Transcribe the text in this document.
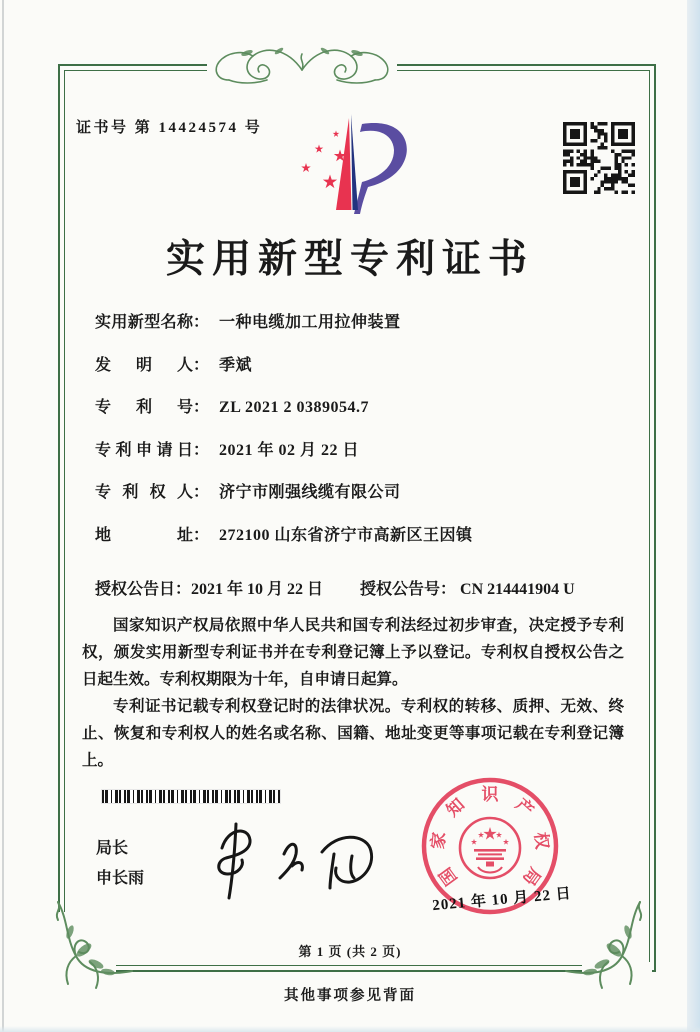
证书号 第 14424574 号
实用新型专利证书
实用新型名称 ： 一种电缆加工用拉伸装置
发明人 ： 季斌
专利号 ： ZL 2021 2 0389054.7
专利申请日 ： 2021 年 02 月 22 日
专利权人 ： 济宁市刚强线缆有限公司
地址 ： 272100 山东省济宁市高新区王因镇
授权公告日：2021 年 10 月 22 日	授权公告号： CN 214441904 U

国家知识产权局依照中华人民共和国专利法经过初步审查，决定授予专利权，颁发实用新型专利证书并在专利登记簿上予以登记。专利权自授权公告之日起生效。专利权期限为十年，自申请日起算。

专利证书记载专利权登记时的法律状况。专利权的转移、质押、无效、终止、恢复和专利权人的姓名或名称、国籍、地址变更等事项记载在专利登记簿上。

局长
申长雨	国
家
知
识
产
权
局
2021 年 10 月 22 日
第 1 页 (共 2 页)
其他事项参见背面
